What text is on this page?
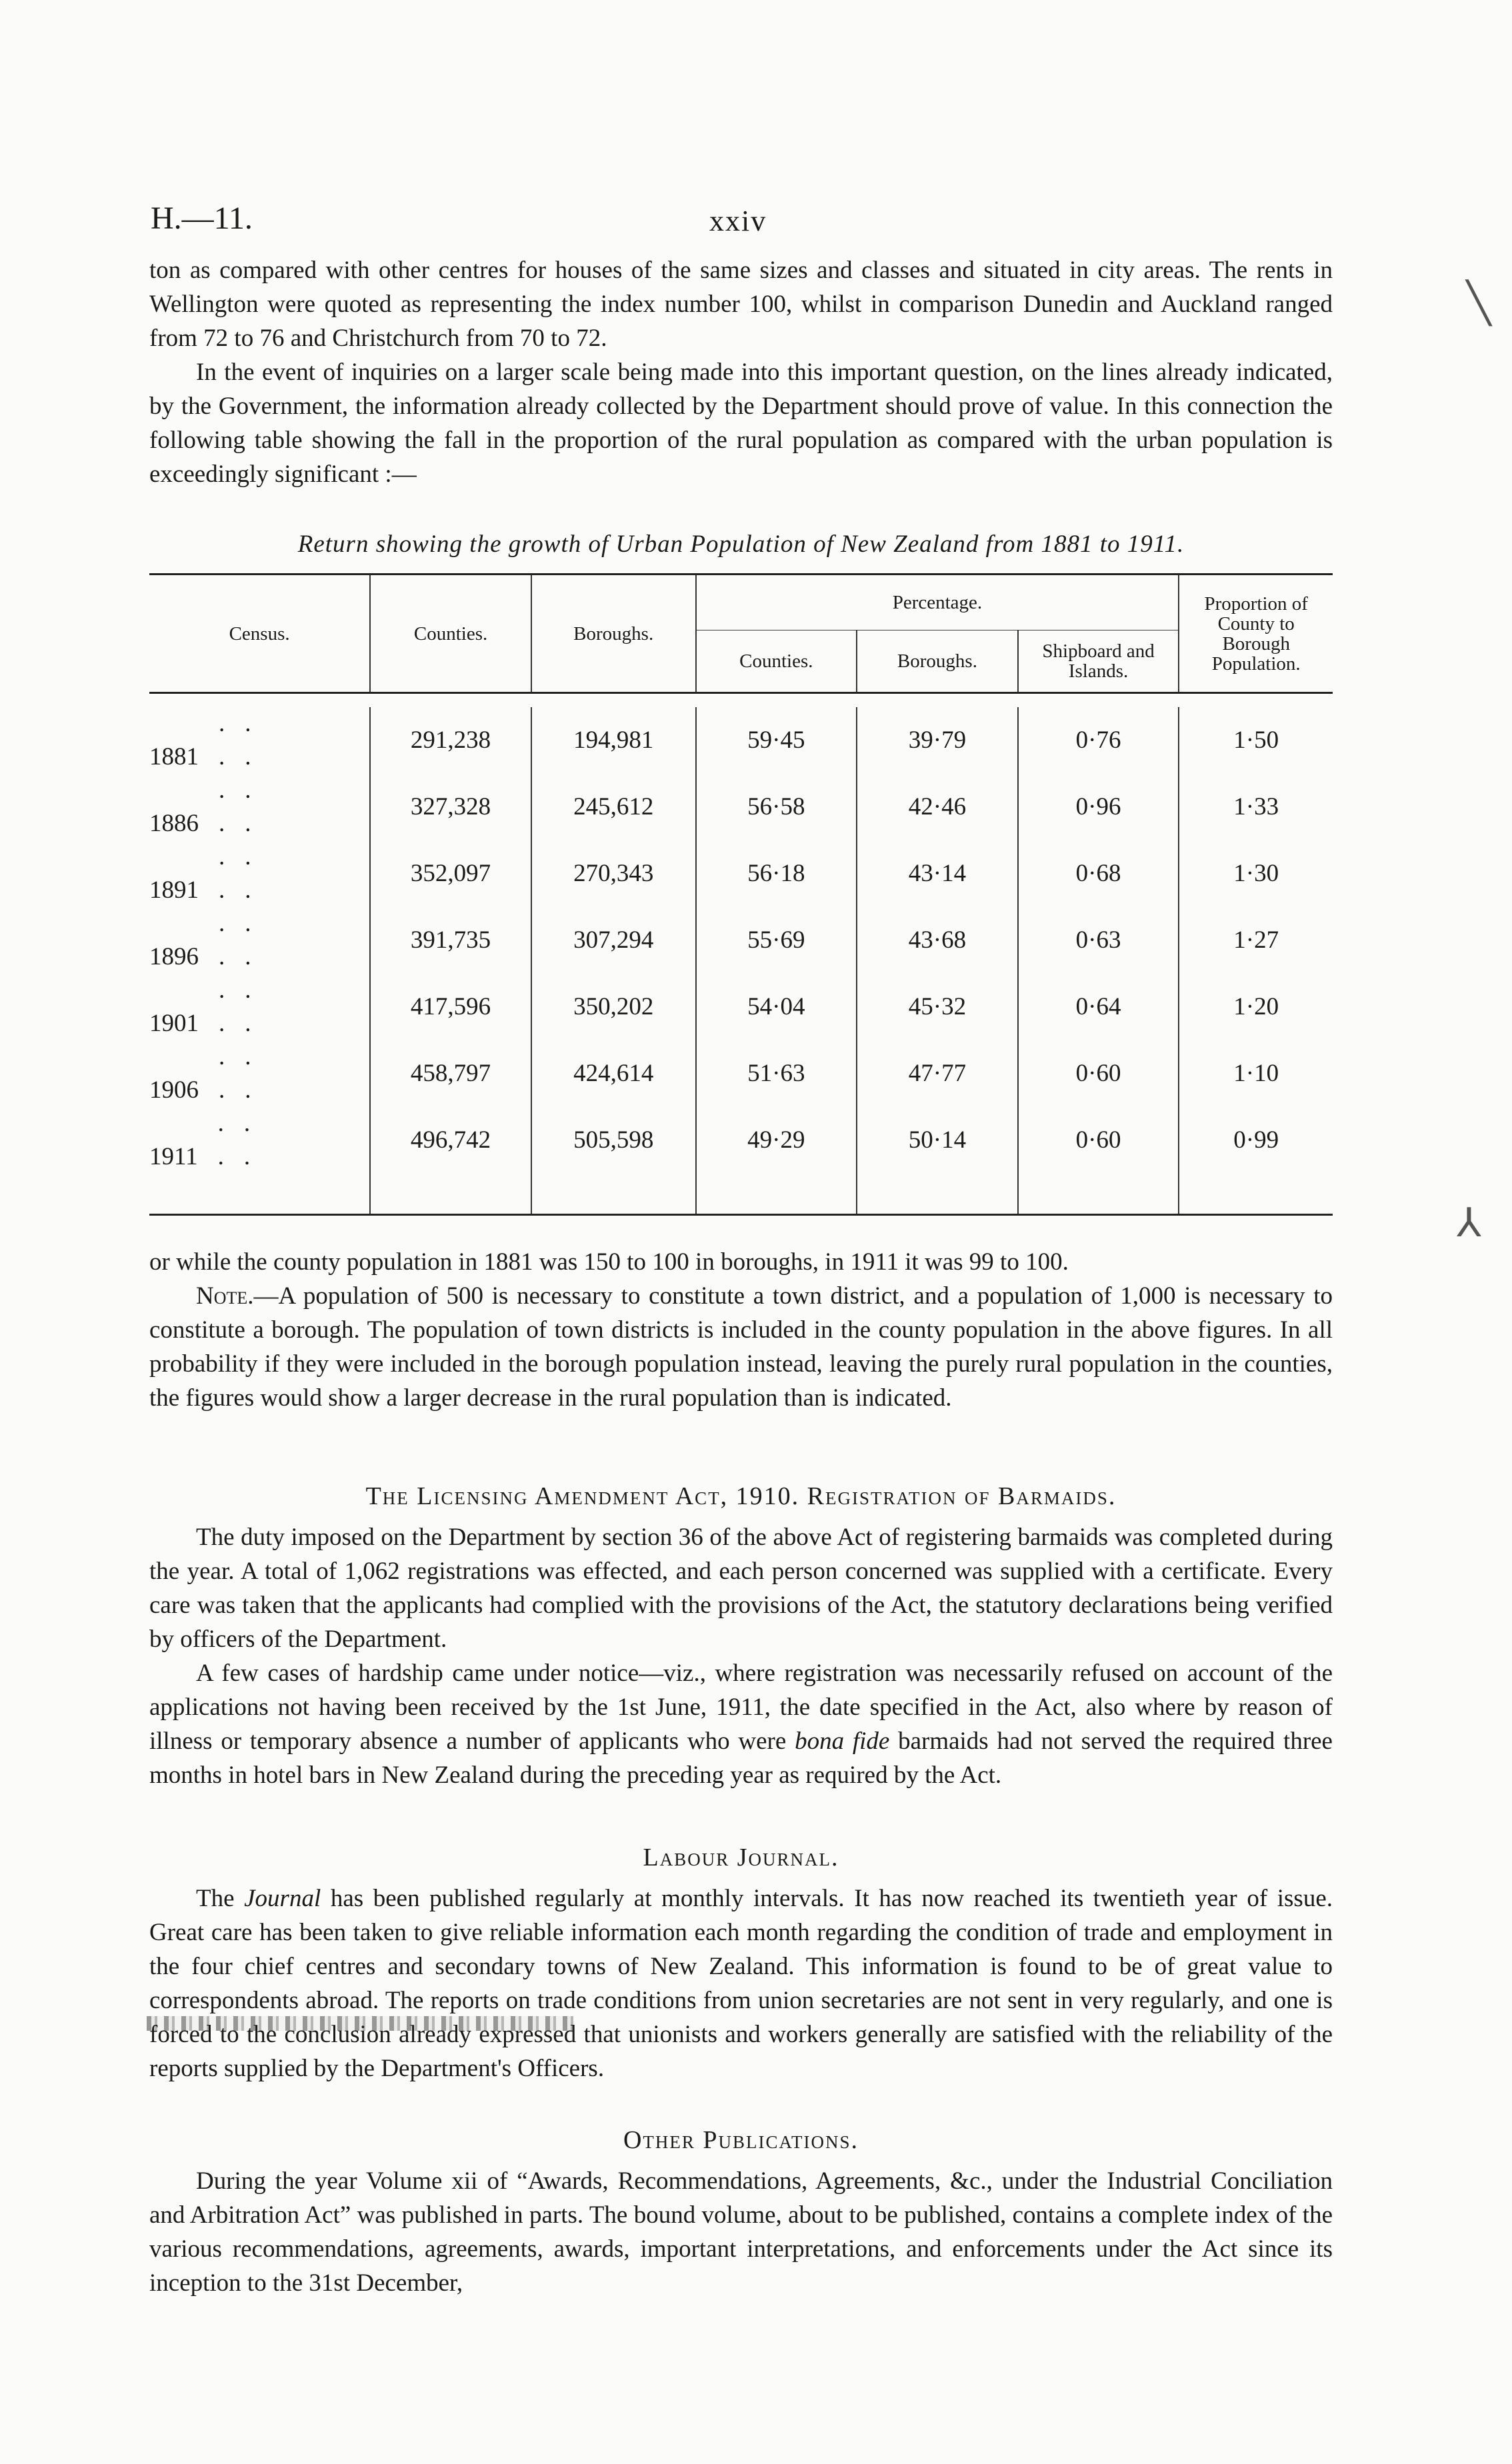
╲
⅄
H.—11.	xxiv

ton as compared with other centres for houses of the same sizes and classes and situated in city areas. The rents in Wellington were quoted as representing the index number 100, whilst in comparison Dunedin and Auckland ranged from 72 to 76 and Christchurch from 70 to 72.

In the event of inquiries on a larger scale being made into this important question, on the lines already indicated, by the Government, the information already collected by the Department should prove of value. In this connection the following table showing the fall in the proportion of the rural population as compared with the urban population is exceedingly significant :—

Return showing the growth of Urban Population of New Zealand from 1881 to 1911.
Census.	Counties.	Boroughs.	Percentage.			Proportion of County to Borough Population.
			Counties.	Boroughs.	Shipboard and Islands.	

1881.. ..	291,238	194,981	59·45	39·79	0·76	1·50
1886.. ..	327,328	245,612	56·58	42·46	0·96	1·33
1891.. ..	352,097	270,343	56·18	43·14	0·68	1·30
1896.. ..	391,735	307,294	55·69	43·68	0·63	1·27
1901.. ..	417,596	350,202	54·04	45·32	0·64	1·20
1906.. ..	458,797	424,614	51·63	47·77	0·60	1·10
1911.. ..	496,742	505,598	49·29	50·14	0·60	0·99

or while the county population in 1881 was 150 to 100 in boroughs, in 1911 it was 99 to 100.

Note.—A population of 500 is necessary to constitute a town district, and a population of 1,000 is necessary to constitute a borough. The population of town districts is included in the county population in the above figures. In all probability if they were included in the borough population instead, leaving the purely rural population in the counties, the figures would show a larger decrease in the rural population than is indicated.

The Licensing Amendment Act, 1910. Registration of Barmaids.

The duty imposed on the Department by section 36 of the above Act of registering barmaids was completed during the year. A total of 1,062 registrations was effected, and each person concerned was supplied with a certificate. Every care was taken that the applicants had complied with the provisions of the Act, the statutory declarations being verified by officers of the Department.

A few cases of hardship came under notice—viz., where registration was necessarily refused on account of the applications not having been received by the 1st June, 1911, the date specified in the Act, also where by reason of illness or temporary absence a number of applicants who were bona fide barmaids had not served the required three months in hotel bars in New Zealand during the preceding year as required by the Act.

Labour Journal.

The Journal has been published regularly at monthly intervals. It has now reached its twentieth year of issue. Great care has been taken to give reliable information each month regarding the condition of trade and employment in the four chief centres and secondary towns of New Zealand. This information is found to be of great value to correspondents abroad. The reports on trade conditions from union secretaries are not sent in very regularly, and one is forced to the conclusion already expressed that unionists and workers generally are satisfied with the reliability of the reports supplied by the Department's Officers.

Other Publications.

During the year Volume xii of “Awards, Recommendations, Agreements, &c., under the Industrial Conciliation and Arbitration Act” was published in parts. The bound volume, about to be published, contains a complete index of the various recommendations, agreements, awards, important interpretations, and enforcements under the Act since its inception to the 31st December,
